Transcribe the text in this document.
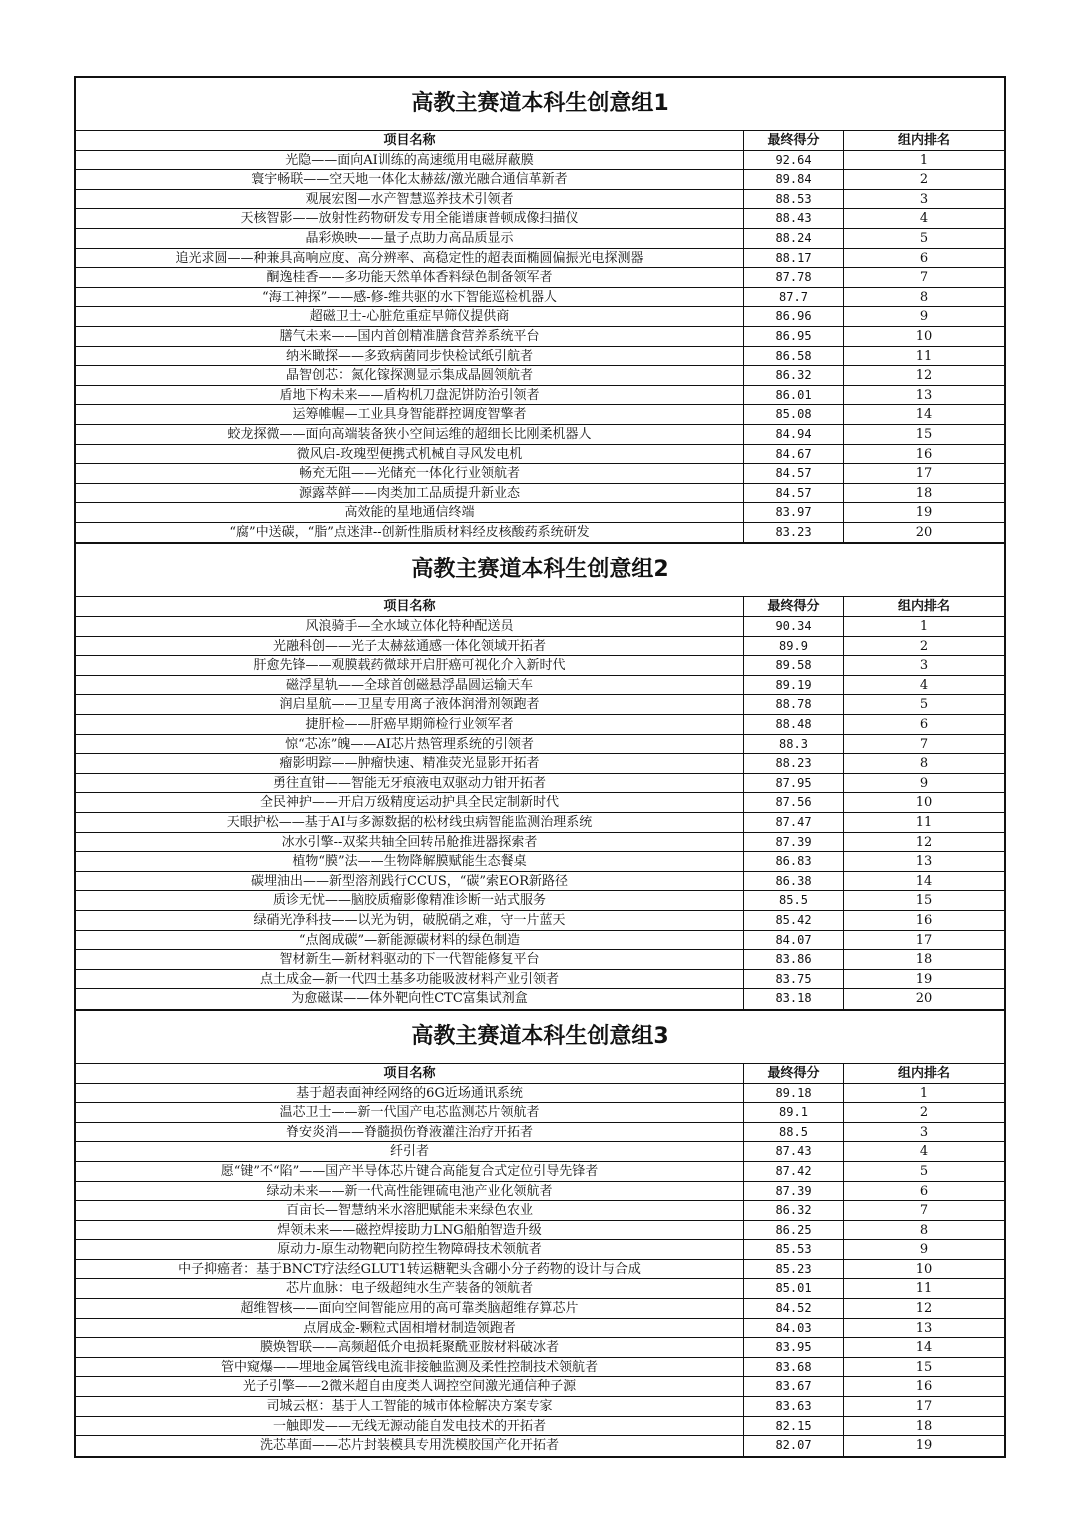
高教主赛道本科生创意组1
项目名称	最终得分	组内排名
光隐——面向AI训练的高速缆用电磁屏蔽膜	92.64	1
寰宇畅联——空天地一体化太赫兹/激光融合通信革新者	89.84	2
观展宏图—水产智慧巡养技术引领者	88.53	3
天核智影——放射性药物研发专用全能谱康普顿成像扫描仪	88.43	4
晶彩焕映——量子点助力高品质显示	88.24	5
追光求圆——种兼具高响应度、高分辨率、高稳定性的超表面椭圆偏振光电探测器	88.17	6
酮逸桂香——多功能天然单体香料绿色制备领军者	87.78	7
“海工神探”——感-修-维共驱的水下智能巡检机器人	87.7	8
超磁卫士-心脏危重症早筛仪提供商	86.96	9
膳气未来——国内首创精准膳食营养系统平台	86.95	10
纳米瞰探——多致病菌同步快检试纸引航者	86.58	11
晶智创芯：氮化镓探测显示集成晶圆领航者	86.32	12
盾地下构未来——盾构机刀盘泥饼防治引领者	86.01	13
运筹帷幄—工业具身智能群控调度智擎者	85.08	14
蛟龙探微——面向高端装备狭小空间运维的超细长比刚柔机器人	84.94	15
微风启-玫瑰型便携式机械自寻风发电机	84.67	16
畅充无阻——光储充一体化行业领航者	84.57	17
源露萃鲜——肉类加工品质提升新业态	84.57	18
高效能的星地通信终端	83.97	19
“腐”中送碳，“脂”点迷津--创新性脂质材料经皮核酸药系统研发	83.23	20
高教主赛道本科生创意组2
项目名称	最终得分	组内排名
风浪骑手—全水域立体化特种配送员	90.34	1
光融科创——光子太赫兹通感一体化领域开拓者	89.9	2
肝愈先锋——观膜载药微球开启肝癌可视化介入新时代	89.58	3
磁浮星轨——全球首创磁悬浮晶圆运输天车	89.19	4
润启星航——卫星专用离子液体润滑剂领跑者	88.78	5
捷肝检——肝癌早期筛检行业领军者	88.48	6
惊“芯冻”魄——AI芯片热管理系统的引领者	88.3	7
瘤影明踪——肿瘤快速、精准荧光显影开拓者	88.23	8
勇往直钳——智能无牙痕液电双驱动力钳开拓者	87.95	9
全民神护——开启万级精度运动护具全民定制新时代	87.56	10
天眼护松——基于AI与多源数据的松材线虫病智能监测治理系统	87.47	11
冰水引擎--双桨共轴全回转吊舱推进器探索者	87.39	12
植物“膜”法——生物降解膜赋能生态餐桌	86.83	13
碳埋油出——新型溶剂践行CCUS，“碳”索EOR新路径	86.38	14
质诊无忧——脑胶质瘤影像精准诊断一站式服务	85.5	15
绿硝光净科技——以光为钥，破脱硝之难，守一片蓝天	85.42	16
“点阁成碳”—新能源碳材料的绿色制造	84.07	17
智材新生—新材料驱动的下一代智能修复平台	83.86	18
点土成金—新一代四土基多功能吸波材料产业引领者	83.75	19
为愈磁谋——体外靶向性CTC富集试剂盒	83.18	20
高教主赛道本科生创意组3
项目名称	最终得分	组内排名
基于超表面神经网络的6G近场通讯系统	89.18	1
温芯卫士——新一代国产电芯监测芯片领航者	89.1	2
脊安炎消——脊髓损伤脊液灌注治疗开拓者	88.5	3
纤引者	87.43	4
愿“键”不“陷”——国产半导体芯片键合高能复合式定位引导先锋者	87.42	5
绿动未来——新一代高性能锂硫电池产业化领航者	87.39	6
百亩长—智慧纳米水溶肥赋能未来绿色农业	86.32	7
焊领未来——磁控焊接助力LNG船舶智造升级	86.25	8
原动力-原生动物靶向防控生物障碍技术领航者	85.53	9
中子抑癌者：基于BNCT疗法经GLUT1转运糖靶头含硼小分子药物的设计与合成	85.23	10
芯片血脉：电子级超纯水生产装备的领航者	85.01	11
超维智核——面向空间智能应用的高可靠类脑超维存算芯片	84.52	12
点屑成金-颗粒式固相增材制造领跑者	84.03	13
膜焕智联——高频超低介电损耗聚酰亚胺材料破冰者	83.95	14
管中窥爆——埋地金属管线电流非接触监测及柔性控制技术领航者	83.68	15
光子引擎——2微米超自由度类人调控空间激光通信种子源	83.67	16
司城云枢：基于人工智能的城市体检解决方案专家	83.63	17
一触即发——无线无源动能自发电技术的开拓者	82.15	18
洗芯革面——芯片封装模具专用洗模胶国产化开拓者	82.07	19
